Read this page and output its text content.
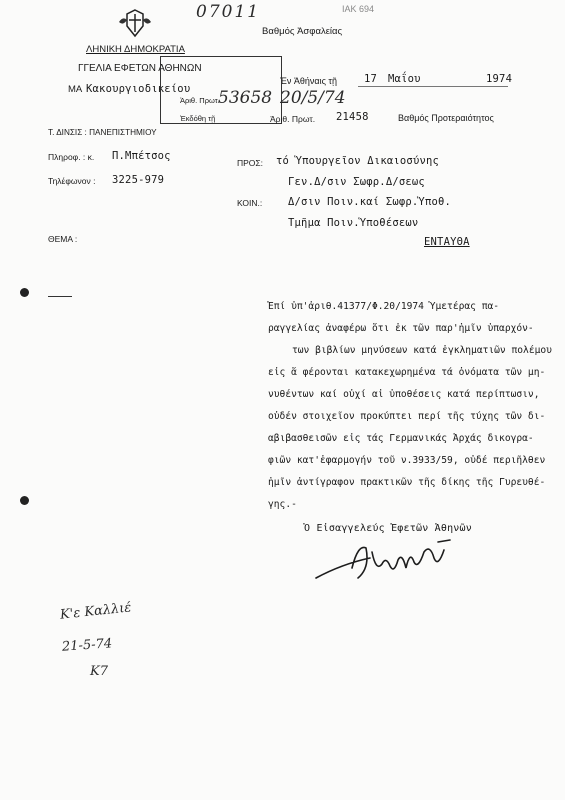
07011	ΙΑΚ 694
Βαθμός Ἀσφαλείας
ΛΗΝΙΚΗ ΔΗΜΟΚΡΑΤΙΑ
ΓΓΕΛΙΑ ΕΦΕΤΩΝ ΑΘΗΝΩΝ
ΜΑ Κακουργιοδικείου
Ἐν Ἀθήναις τῇ	17 Μαΐου	1974
Ἀριθ. Πρωτ.
53658 20/5/74
Ἐκδόθη τῇ	Ἀριθ. Πρωτ. 21458	Βαθμός Προτεραιότητος
Τ. ΔΙΝΣΙΣ : ΠΑΝΕΠΙΣΤΗΜΙΟΥ
Πληροφ. : κ. Π.Μπέτσος
Τηλέφωνον : 3225-979
ΠΡΟΣ: τό Ὑπουργεῖον Δικαιοσύνης
Γεν.Δ/σιν Σωφρ.Δ/σεως
ΚΟΙΝ.: Δ/σιν Ποιν.καί Σωφρ.Ὑποθ.
Τμῆμα Ποιν.Ὑποθέσεων
ΕΝΤΑΥΘΑ
ΘΕΜΑ :
Ἐπί ὑπ'ἀριθ.41377/Φ.20/1974 Ὑμετέρας πα-
ραγγελίας ἀναφέρω ὅτι ἐκ τῶν παρ'ἡμῖν ὑπαρχόν-
των βιβλίων μηνύσεων κατά ἐγκληματιῶν πολέμου
εἰς ἅ φέρονται κατακεχωρημένα τά ὀνόματα τῶν μη-
νυθέντων καί οὐχί αἱ ὑποθέσεις κατά περίπτωσιν,
οὐδέν στοιχεῖον προκύπτει περί τῆς τύχης τῶν δι-
αβιβασθεισῶν εἰς τάς Γερμανικάς Ἀρχάς δικογρα-
φιῶν κατ'ἐφαρμογήν τοῦ ν.3933/59, οὐδέ περιῆλθεν
ἡμῖν ἀντίγραφον πρακτικῶν τῆς δίκης τῆς Γυρευθέ-
γης.-
Ὁ Εἰσαγγελεύς Ἐφετῶν Ἀθηνῶν
Κ'ε Καλλιέ
21-5-74
Κ7
